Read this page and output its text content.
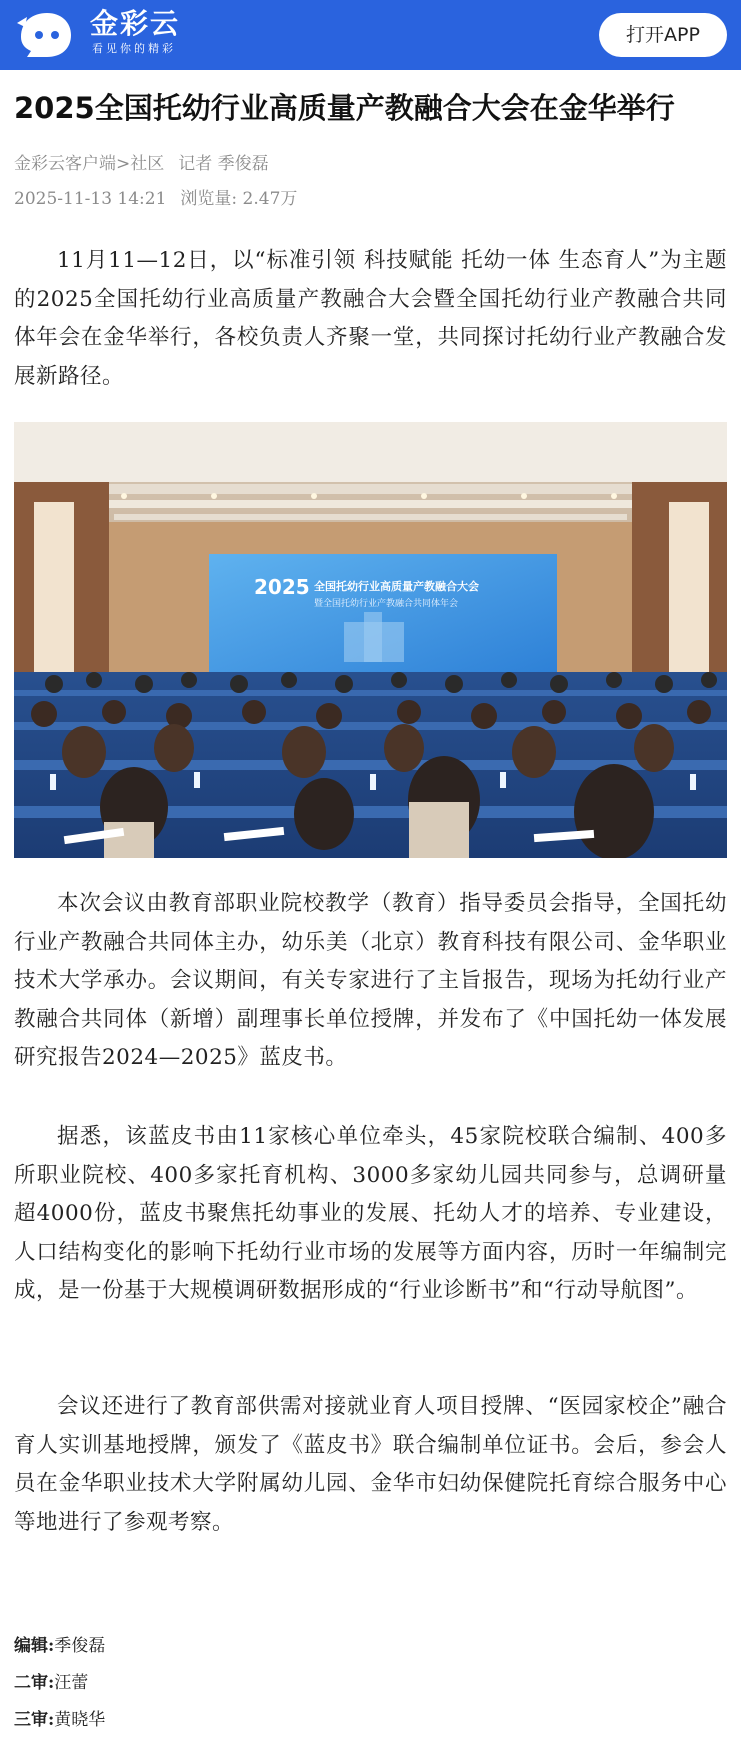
金彩云
看见你的精彩
打开APP
2025全国托幼行业高质量产教融合大会在金华举行
金彩云客户端>社区 记者 季俊磊
2025-11-13 14:21 浏览量: 2.47万

11月11—12日，以“标准引领 科技赋能 托幼一体 生态育人”为主题的2025全国托幼行业高质量产教融合大会暨全国托幼行业产教融合共同体年会在金华举行，各校负责人齐聚一堂，共同探讨托幼行业产教融合发展新路径。

2025 全国托幼行业高质量产教融合大会
暨全国托幼行业产教融合共同体年会

本次会议由教育部职业院校教学（教育）指导委员会指导，全国托幼行业产教融合共同体主办，幼乐美（北京）教育科技有限公司、金华职业技术大学承办。会议期间，有关专家进行了主旨报告，现场为托幼行业产教融合共同体（新增）副理事长单位授牌，并发布了《中国托幼一体发展研究报告2024—2025》蓝皮书。

据悉，该蓝皮书由11家核心单位牵头，45家院校联合编制、400多所职业院校、400多家托育机构、3000多家幼儿园共同参与，总调研量超4000份，蓝皮书聚焦托幼事业的发展、托幼人才的培养、专业建设，人口结构变化的影响下托幼行业市场的发展等方面内容，历时一年编制完成，是一份基于大规模调研数据形成的“行业诊断书”和“行动导航图”。

会议还进行了教育部供需对接就业育人项目授牌、“医园家校企”融合育人实训基地授牌，颁发了《蓝皮书》联合编制单位证书。会后，参会人员在金华职业技术大学附属幼儿园、金华市妇幼保健院托育综合服务中心等地进行了参观考察。

编辑:季俊磊
二审:汪蕾
三审:黄晓华
